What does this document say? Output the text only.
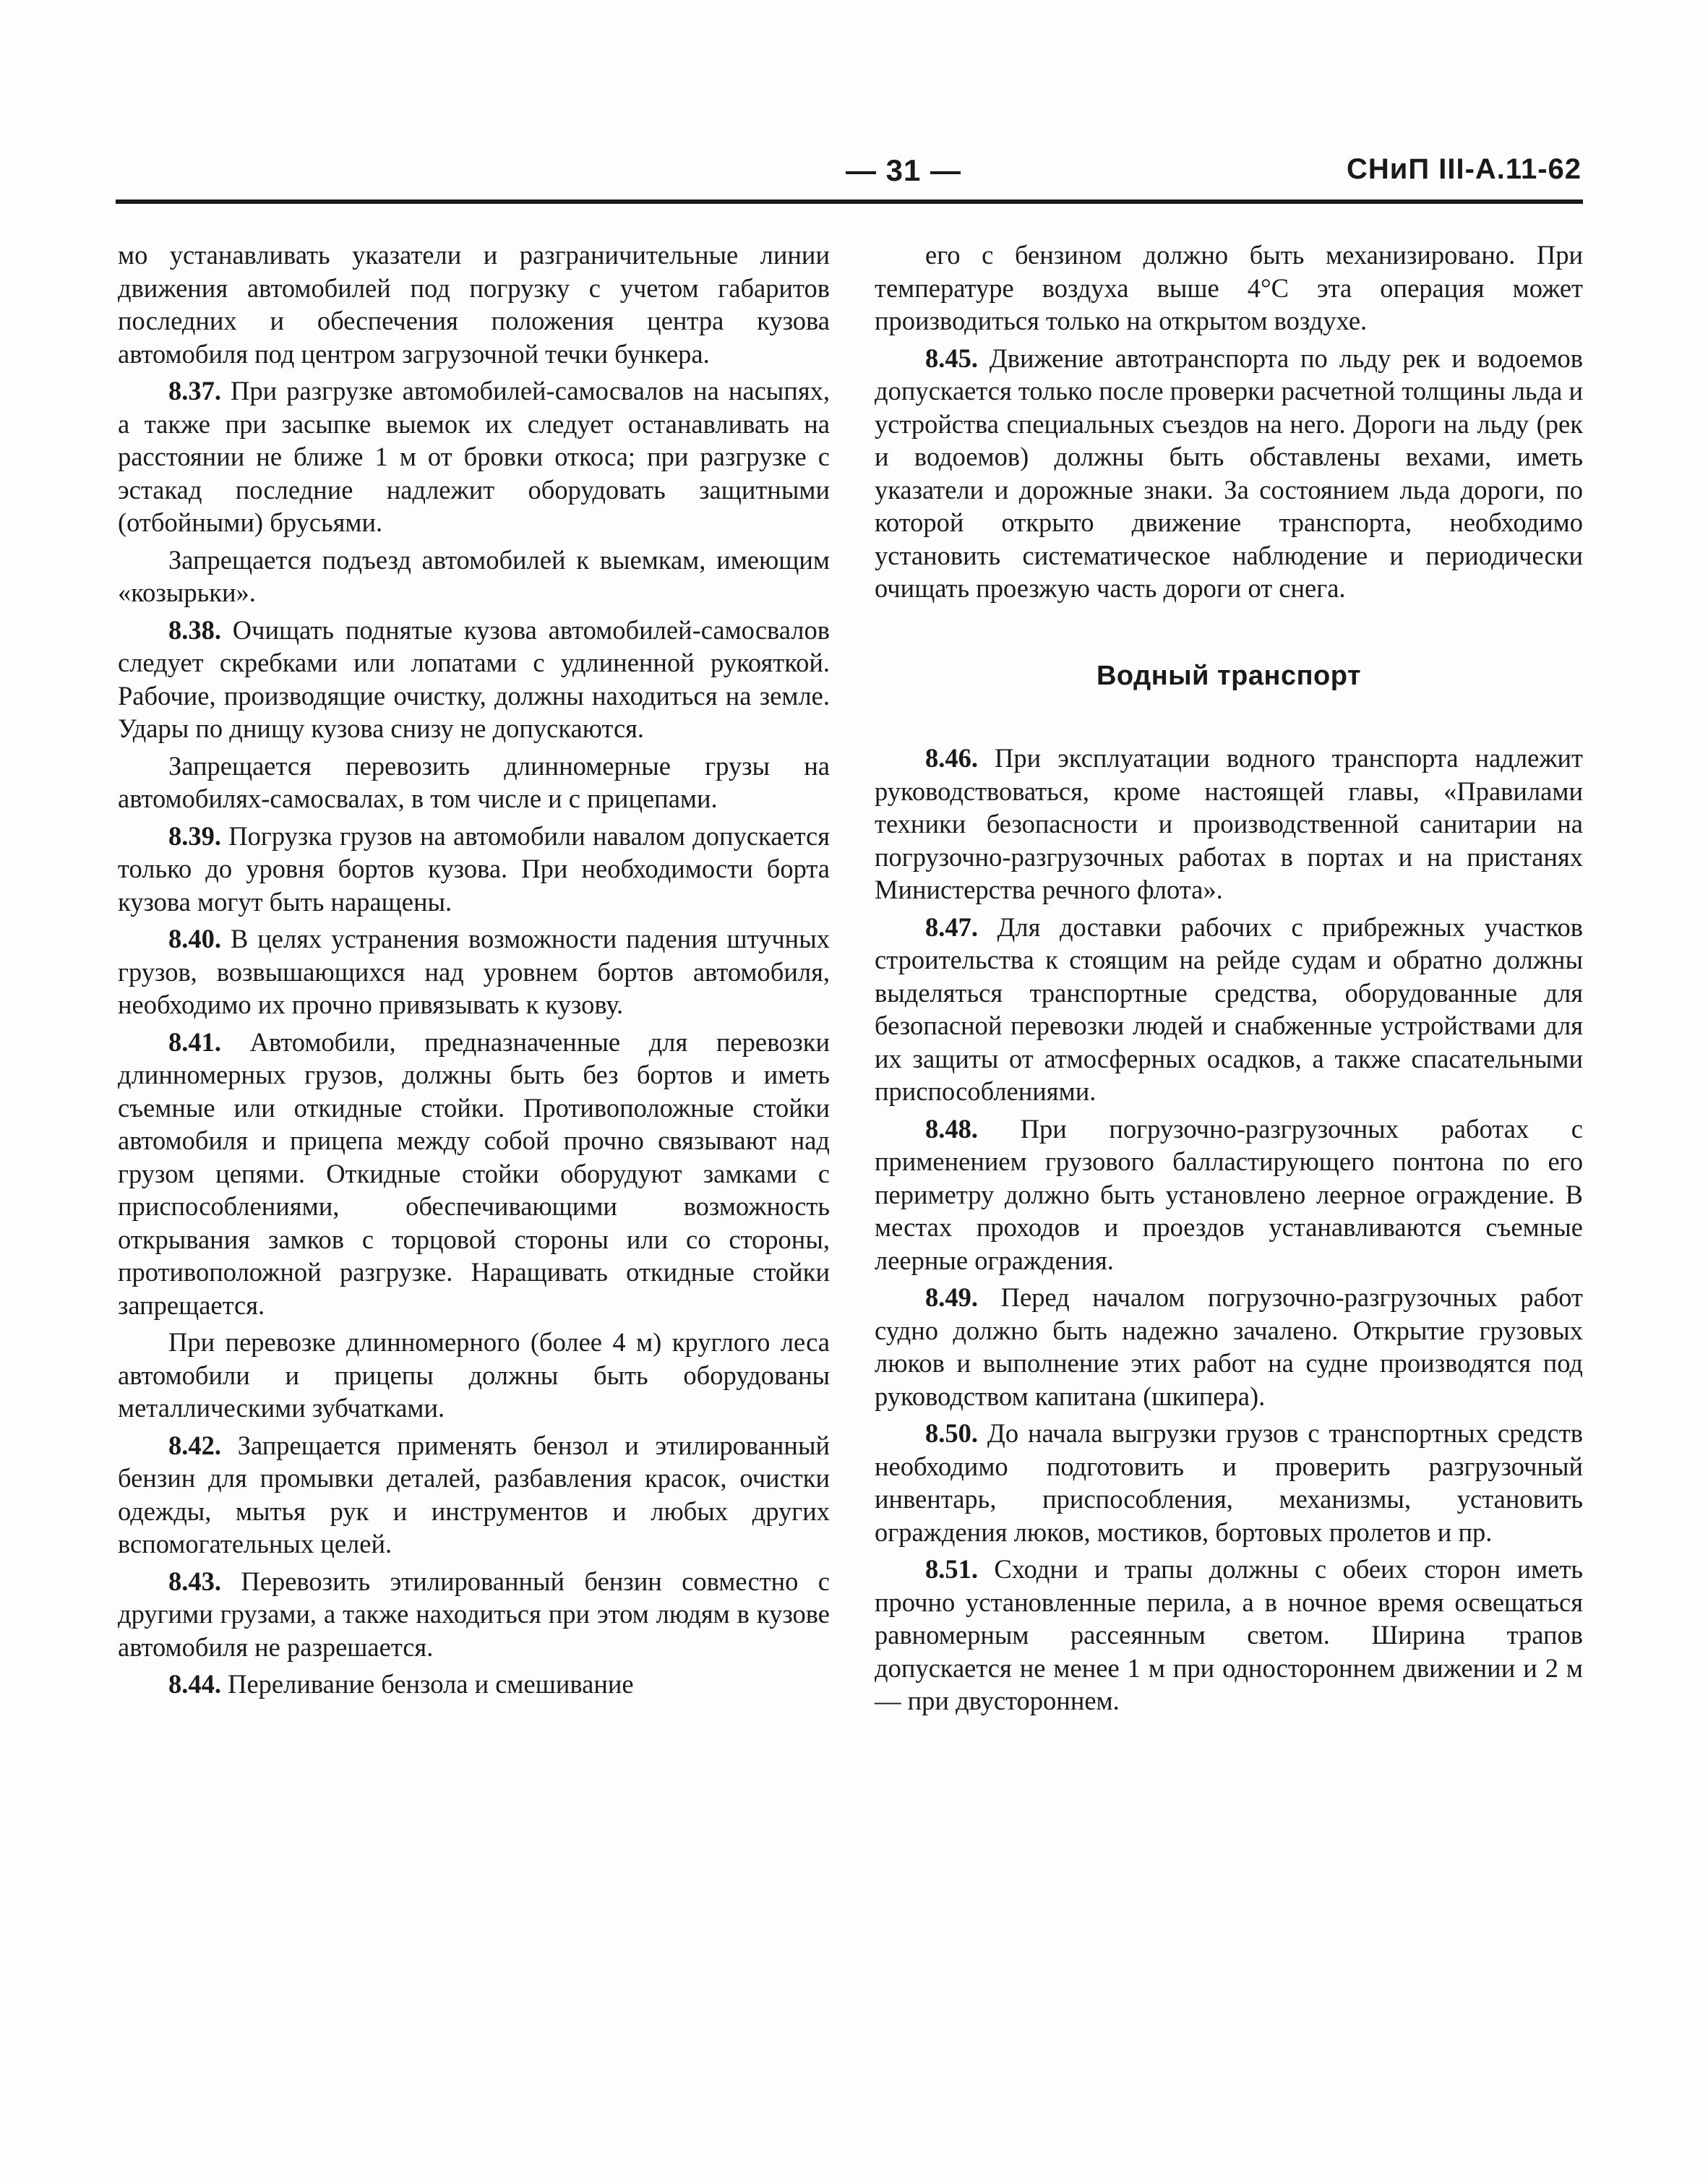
— 31 —	СНиП III-А.11-62

мо устанавливать указатели и разграничительные линии движения автомобилей под погрузку с учетом габаритов последних и обеспечения положения центра кузова автомобиля под центром загрузочной течки бункера.

8.37. При разгрузке автомобилей-самосвалов на насыпях, а также при засыпке выемок их следует останавливать на расстоянии не ближе 1 м от бровки откоса; при разгрузке с эстакад последние надлежит оборудовать защитными (отбойными) брусьями.

Запрещается подъезд автомобилей к выемкам, имеющим «козырьки».

8.38. Очищать поднятые кузова автомобилей-самосвалов следует скребками или лопатами с удлиненной рукояткой. Рабочие, производящие очистку, должны находиться на земле. Удары по днищу кузова снизу не допускаются.

Запрещается перевозить длинномерные грузы на автомобилях-самосвалах, в том числе и с прицепами.

8.39. Погрузка грузов на автомобили навалом допускается только до уровня бортов кузова. При необходимости борта кузова могут быть наращены.

8.40. В целях устранения возможности падения штучных грузов, возвышающихся над уровнем бортов автомобиля, необходимо их прочно привязывать к кузову.

8.41. Автомобили, предназначенные для перевозки длинномерных грузов, должны быть без бортов и иметь съемные или откидные стойки. Противоположные стойки автомобиля и прицепа между собой прочно связывают над грузом цепями. Откидные стойки оборудуют замками с приспособлениями, обеспечивающими возможность открывания замков с торцовой стороны или со стороны, противоположной разгрузке. Наращивать откидные стойки запрещается.

При перевозке длинномерного (более 4 м) круглого леса автомобили и прицепы должны быть оборудованы металлическими зубчатками.

8.42. Запрещается применять бензол и этилированный бензин для промывки деталей, разбавления красок, очистки одежды, мытья рук и инструментов и любых других вспомогательных целей.

8.43. Перевозить этилированный бензин совместно с другими грузами, а также находиться при этом людям в кузове автомобиля не разрешается.

8.44. Переливание бензола и смешивание

его с бензином должно быть механизировано. При температуре воздуха выше 4°С эта операция может производиться только на открытом воздухе.

8.45. Движение автотранспорта по льду рек и водоемов допускается только после проверки расчетной толщины льда и устройства специальных съездов на него. Дороги на льду (рек и водоемов) должны быть обставлены вехами, иметь указатели и дорожные знаки. За состоянием льда дороги, по которой открыто движение транспорта, необходимо установить систематическое наблюдение и периодически очищать проезжую часть дороги от снега.

Водный транспорт

8.46. При эксплуатации водного транспорта надлежит руководствоваться, кроме настоящей главы, «Правилами техники безопасности и производственной санитарии на погрузочно-разгрузочных работах в портах и на пристанях Министерства речного флота».

8.47. Для доставки рабочих с прибрежных участков строительства к стоящим на рейде судам и обратно должны выделяться транспортные средства, оборудованные для безопасной перевозки людей и снабженные устройствами для их защиты от атмосферных осадков, а также спасательными приспособлениями.

8.48. При погрузочно-разгрузочных работах с применением грузового балластирующего понтона по его периметру должно быть установлено леерное ограждение. В местах проходов и проездов устанавливаются съемные леерные ограждения.

8.49. Перед началом погрузочно-разгрузочных работ судно должно быть надежно зачалено. Открытие грузовых люков и выполнение этих работ на судне производятся под руководством капитана (шкипера).

8.50. До начала выгрузки грузов с транспортных средств необходимо подготовить и проверить разгрузочный инвентарь, приспособления, механизмы, установить ограждения люков, мостиков, бортовых пролетов и пр.

8.51. Сходни и трапы должны с обеих сторон иметь прочно установленные перила, а в ночное время освещаться равномерным рассеянным светом. Ширина трапов допускается не менее 1 м при одностороннем движении и 2 м — при двустороннем.
